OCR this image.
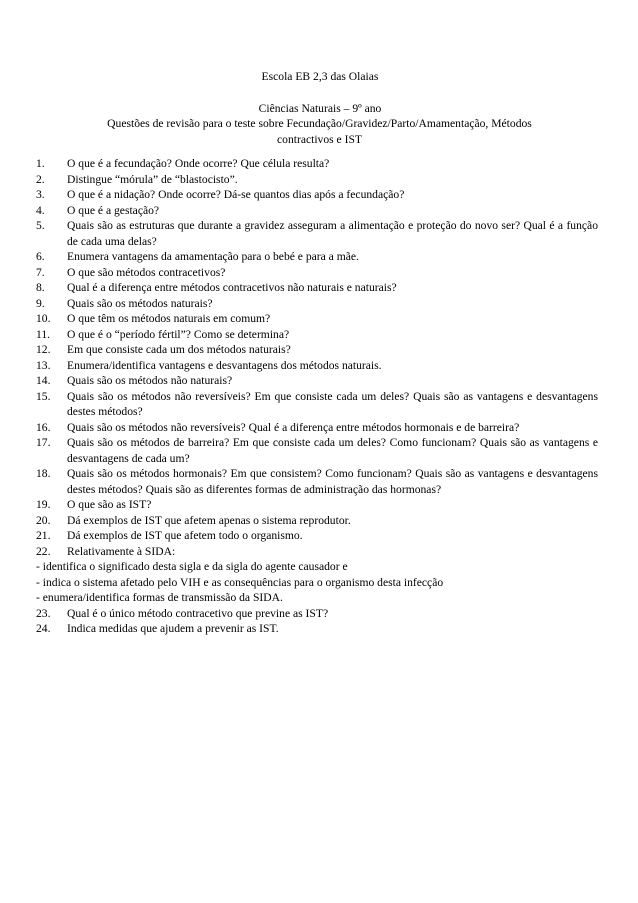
Escola EB 2,3 das Olaias
Ciências Naturais – 9º ano
Questões de revisão para o teste sobre Fecundação/Gravidez/Parto/Amamentação, Métodos
contractivos e IST
1.	O que é a fecundação? Onde ocorre? Que célula resulta?
2.	Distingue “mórula” de “blastocisto”.
3.	O que é a nidação? Onde ocorre? Dá-se quantos dias após a fecundação?
4.	O que é a gestação?
5.	Quais são as estruturas que durante a gravidez asseguram a alimentação e proteção do novo ser? Qual é a função de cada uma delas?
6.	Enumera vantagens da amamentação para o bebé e para a mãe.
7.	O que são métodos contracetivos?
8.	Qual é a diferença entre métodos contracetivos não naturais e naturais?
9.	Quais são os métodos naturais?
10.	O que têm os métodos naturais em comum?
11.	O que é o “período fértil”? Como se determina?
12.	Em que consiste cada um dos métodos naturais?
13.	Enumera/identifica vantagens e desvantagens dos métodos naturais.
14.	Quais são os métodos não naturais?
15.	Quais são os métodos não reversíveis? Em que consiste cada um deles? Quais são as vantagens e desvantagens destes métodos?
16.	Quais são os métodos não reversíveis? Qual é a diferença entre métodos hormonais e de barreira?
17.	Quais são os métodos de barreira? Em que consiste cada um deles? Como funcionam? Quais são as vantagens e desvantagens de cada um?
18.	Quais são os métodos hormonais? Em que consistem? Como funcionam? Quais são as vantagens e desvantagens destes métodos? Quais são as diferentes formas de administração das hormonas?
19.	O que são as IST?
20.	Dá exemplos de IST que afetem apenas o sistema reprodutor.
21.	Dá exemplos de IST que afetem todo o organismo.
22.	Relativamente à SIDA:
- identifica o significado desta sigla e da sigla do agente causador e
- indica o sistema afetado pelo VIH e as consequências para o organismo desta infecção
- enumera/identifica formas de transmissão da SIDA.
23.	Qual é o único método contracetivo que previne as IST?
24.	Indica medidas que ajudem a prevenir as IST.
